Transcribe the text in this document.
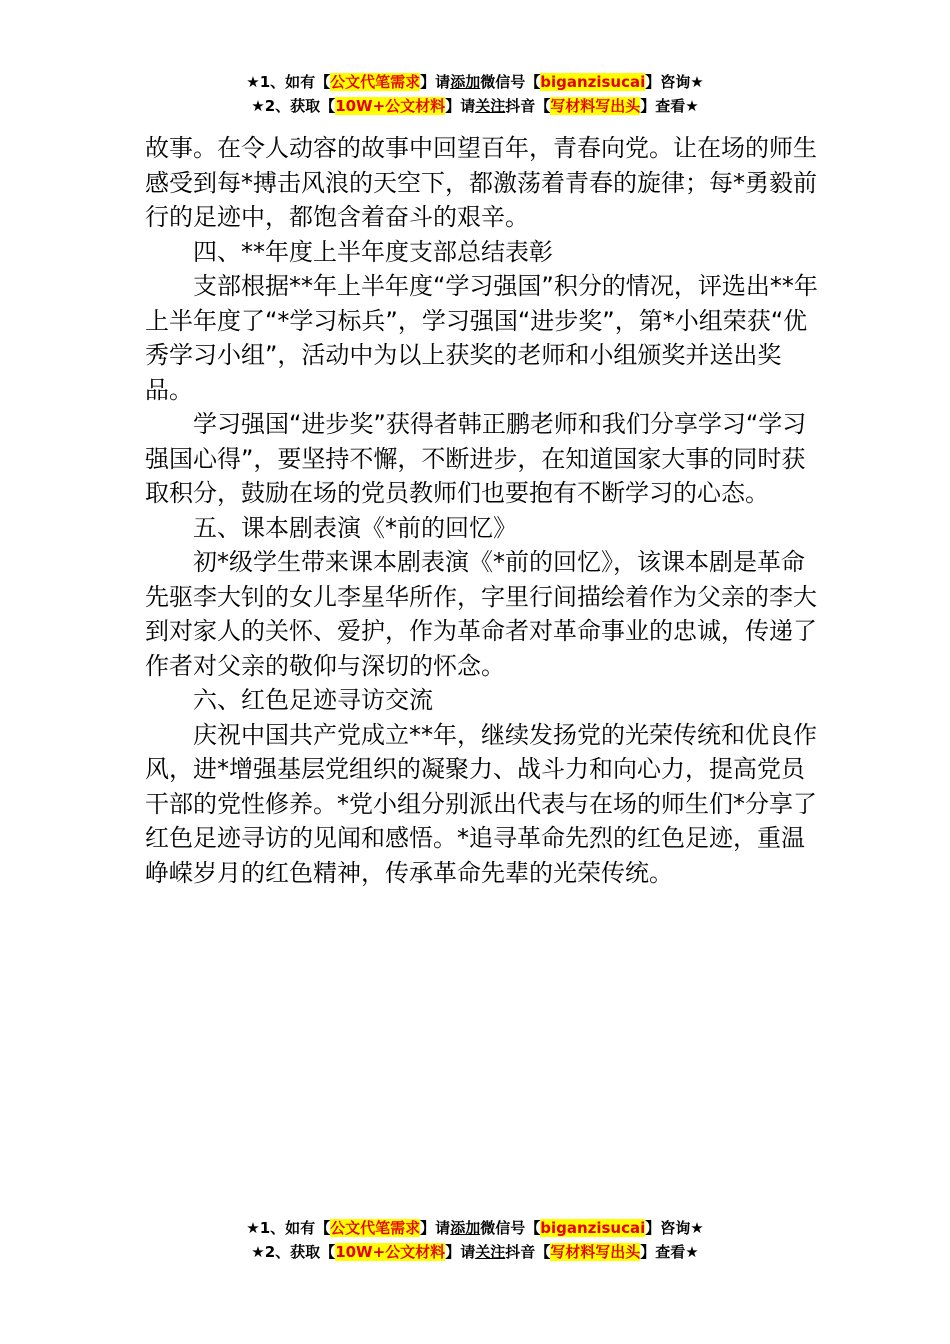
★1、如有【公文代笔需求】请添加微信号【biganzisucai】咨询★
★2、获取【10W+公文材料】请关注抖音【写材料写出头】查看★

故事。在令人动容的故事中回望百年，青春向党。让在场的师生感受到每*搏击风浪的天空下，都激荡着青春的旋律；每*勇毅前行的足迹中，都饱含着奋斗的艰辛。

四、**年度上半年度支部总结表彰

支部根据**年上半年度“学习强国”积分的情况，评选出**年上半年度了“*学习标兵”，学习强国“进步奖”，第*小组荣获“优秀学习小组”，活动中为以上获奖的老师和小组颁奖并送出奖品。

学习强国“进步奖”获得者韩正鹏老师和我们分享学习“学习强国心得”，要坚持不懈，不断进步，在知道国家大事的同时获取积分，鼓励在场的党员教师们也要抱有不断学习的心态。

五、课本剧表演《*前的回忆》

初*级学生带来课本剧表演《*前的回忆》，该课本剧是革命先驱李大钊的女儿李星华所作，字里行间描绘着作为父亲的李大到对家人的关怀、爱护，作为革命者对革命事业的忠诚，传递了作者对父亲的敬仰与深切的怀念。

六、红色足迹寻访交流

庆祝中国共产党成立**年，继续发扬党的光荣传统和优良作风，进*增强基层党组织的凝聚力、战斗力和向心力，提高党员干部的党性修养。*党小组分别派出代表与在场的师生们*分享了红色足迹寻访的见闻和感悟。*追寻革命先烈的红色足迹，重温峥嵘岁月的红色精神，传承革命先辈的光荣传统。

★1、如有【公文代笔需求】请添加微信号【biganzisucai】咨询★
★2、获取【10W+公文材料】请关注抖音【写材料写出头】查看★
